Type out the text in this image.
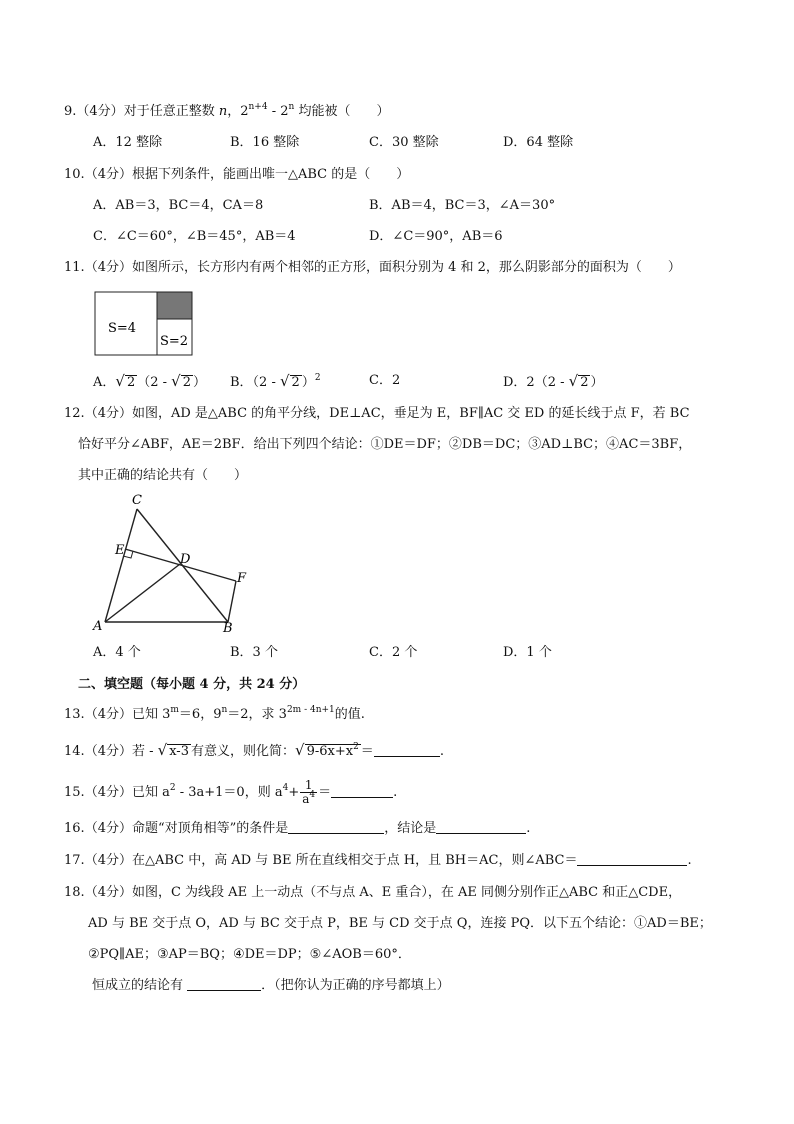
9.（4分）对于任意正整数 n，$2^{n+4} - 2^n$ 均能被（　　）
A．12 整除	B．16 整除	C．30 整除	D．64 整除
10.（4分）根据下列条件，能画出唯一△ABC 的是（　　）
A．AB＝3，BC＝4，CA＝8	B．AB＝4，BC＝3，∠A＝30°
C．∠C＝60°，∠B＝45°，AB＝4	D．∠C＝90°，AB＝6
11.（4分）如图所示，长方形内有两个相邻的正方形，面积分别为 4 和 2，那么阴影部分的面积为（　　）
S=4
S=2
A．√ 2 （2 - √ 2 ） B．（2 - √ 2 ）$^2$	C．2	D．2（2 - √ 2 ）
12.（4分）如图，AD 是△ABC 的角平分线，DE⊥AC，垂足为 E，BF∥AC 交 ED 的延长线于点 F，若 BC
恰好平分∠ABF，AE＝2BF．给出下列四个结论：①DE＝DF；②DB＝DC；③AD⊥BC；④AC＝3BF，
其中正确的结论共有（　　）
C
E
D
F
A	B
A．4 个	B．3 个	C．2 个	D．1 个
二、填空题（每小题 4 分，共 24 分）
13.（4分）已知 $3^m=6$，$9^n=2$，求 $3^{2m - 4n+1}$的值.
14.（4分）若 - √ x-3 有意义，则化简：√ $9-6x+x^2$ ＝	.
15.（4分）已知 $a^2 - 3a+1=0$，则 $a^4+ \frac{1}{a^4}$ ＝	.
16.（4分）命题“对顶角相等”的条件是	，结论是	.
17.（4分）在△ABC 中，高 AD 与 BE 所在直线相交于点 H，且 BH＝AC，则∠ABC＝	.
18.（4分）如图，C 为线段 AE 上一动点（不与点 A、E 重合），在 AE 同侧分别作正△ABC 和正△CDE，
AD 与 BE 交于点 O，AD 与 BC 交于点 P，BE 与 CD 交于点 Q，连接 PQ．以下五个结论：①AD＝BE；
②PQ∥AE；③AP＝BQ；④DE＝DP；⑤∠AOB＝60°．
恒成立的结论有	．（把你认为正确的序号都填上）
